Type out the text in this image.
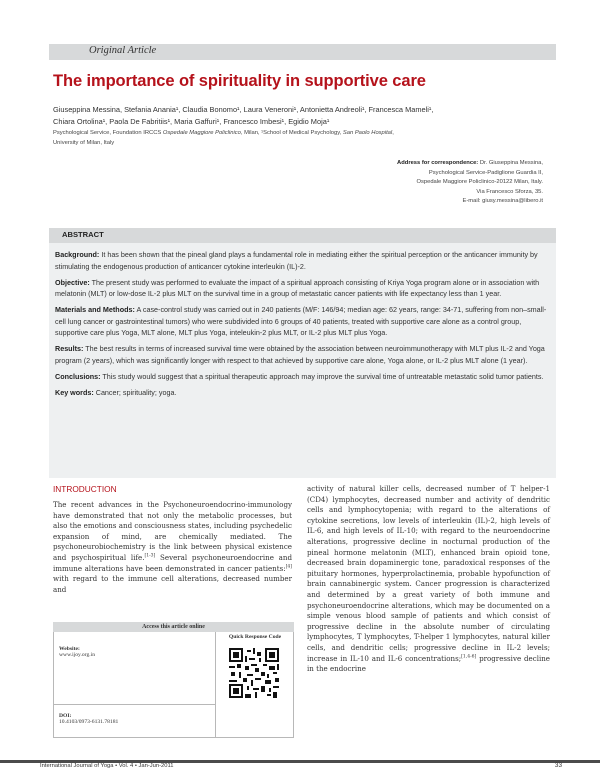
Original Article
The importance of spirituality in supportive care
Giuseppina Messina, Stefania Anania¹, Claudia Bonomo¹, Laura Veneroni¹, Antonietta Andreoli¹, Francesca Mameli¹,
Chiara Ortolina¹, Paola De Fabritiis¹, Maria Gaffuri¹, Francesco Imbesi¹, Egidio Moja¹
Psychological Service, Foundation IRCCS Ospedale Maggiore Policlinico, Milan, ¹School of Medical Psychology, San Paolo Hospital,
University of Milan, Italy
Address for correspondence: Dr. Giuseppina Messina,
Psychological Service-Padiglione Guardia II,
Ospedale Maggiore Policlinico-20122 Milan, Italy.
Via Francesco Sforza, 35.
E-mail: giusy.messina@libero.it
ABSTRACT

Background: It has been shown that the pineal gland plays a fundamental role in mediating either the spiritual perception or the anticancer immunity by stimulating the endogenous production of anticancer cytokine interleukin (IL)-2.

Objective: The present study was performed to evaluate the impact of a spiritual approach consisting of Kriya Yoga program alone or in association with melatonin (MLT) or low-dose IL-2 plus MLT on the survival time in a group of metastatic cancer patients with life expectancy less than 1 year.

Materials and Methods: A case-control study was carried out in 240 patients (M/F: 146/94; median age: 62 years, range: 34-71, suffering from non–small-cell lung cancer or gastrointestinal tumors) who were subdivided into 6 groups of 40 patients, treated with supportive care alone as a control group, supportive care plus Yoga, MLT alone, MLT plus Yoga, inteleukin-2 plus MLT, or IL-2 plus MLT plus Yoga.

Results: The best results in terms of increased survival time were obtained by the association between neuroimmunotherapy with MLT plus IL-2 and Yoga program (2 years), which was significantly longer with respect to that achieved by supportive care alone, Yoga alone, or IL-2 plus MLT alone (1 year).

Conclusions: This study would suggest that a spiritual therapeutic approach may improve the survival time of untreatable metastatic solid tumor patients.

Key words: Cancer; spirituality; yoga.

INTRODUCTION

The recent advances in the Psychoneuroendocrino-immunology have demonstrated that not only the metabolic processes, but also the emotions and consciousness states, including psychedelic expansion of mind, are chemically mediated. The psychoneurobiochemistry is the link between physical existence and psychospiritual life.[1-3] Several psychoneuroendocrine and immune alterations have been demonstrated in cancer patients:[4] with regard to the immune cell alterations, decreased number and

activity of natural killer cells, decreased number of T helper-1 (CD4) lymphocytes, decreased number and activity of dendritic cells and lymphocytopenia; with regard to the alterations of cytokine secretions, low levels of interleukin (IL)-2, high levels of IL-6, and high levels of IL-10; with regard to the neuroendocrine alterations, progressive decline in nocturnal production of the pineal hormone melatonin (MLT), enhanced brain opioid tone, decreased brain dopaminergic tone, paradoxical responses of the pituitary hormones, hyperprolactinemia, probable hypofunction of brain cannabinergic system. Cancer progression is characterized and determined by a great variety of both immune and psychoneuroendocrine alterations, which may be documented on a simple venous blood sample of patients and which consist of progressive decline in the absolute number of circulating lymphocytes, T lymphocytes, T-helper 1 lymphocytes, natural killer cells, and dendritic cells; progressive decline in IL-2 levels; increase in IL-10 and IL-6 concentrations;[1,4-6] progressive decline in the endocrine

Access this article online
Quick Response Code
Website:
www.ijoy.org.in
DOI:
10.4103/0973-6131.78181
International Journal of Yoga • Vol. 4 • Jan-Jun-2011	33
